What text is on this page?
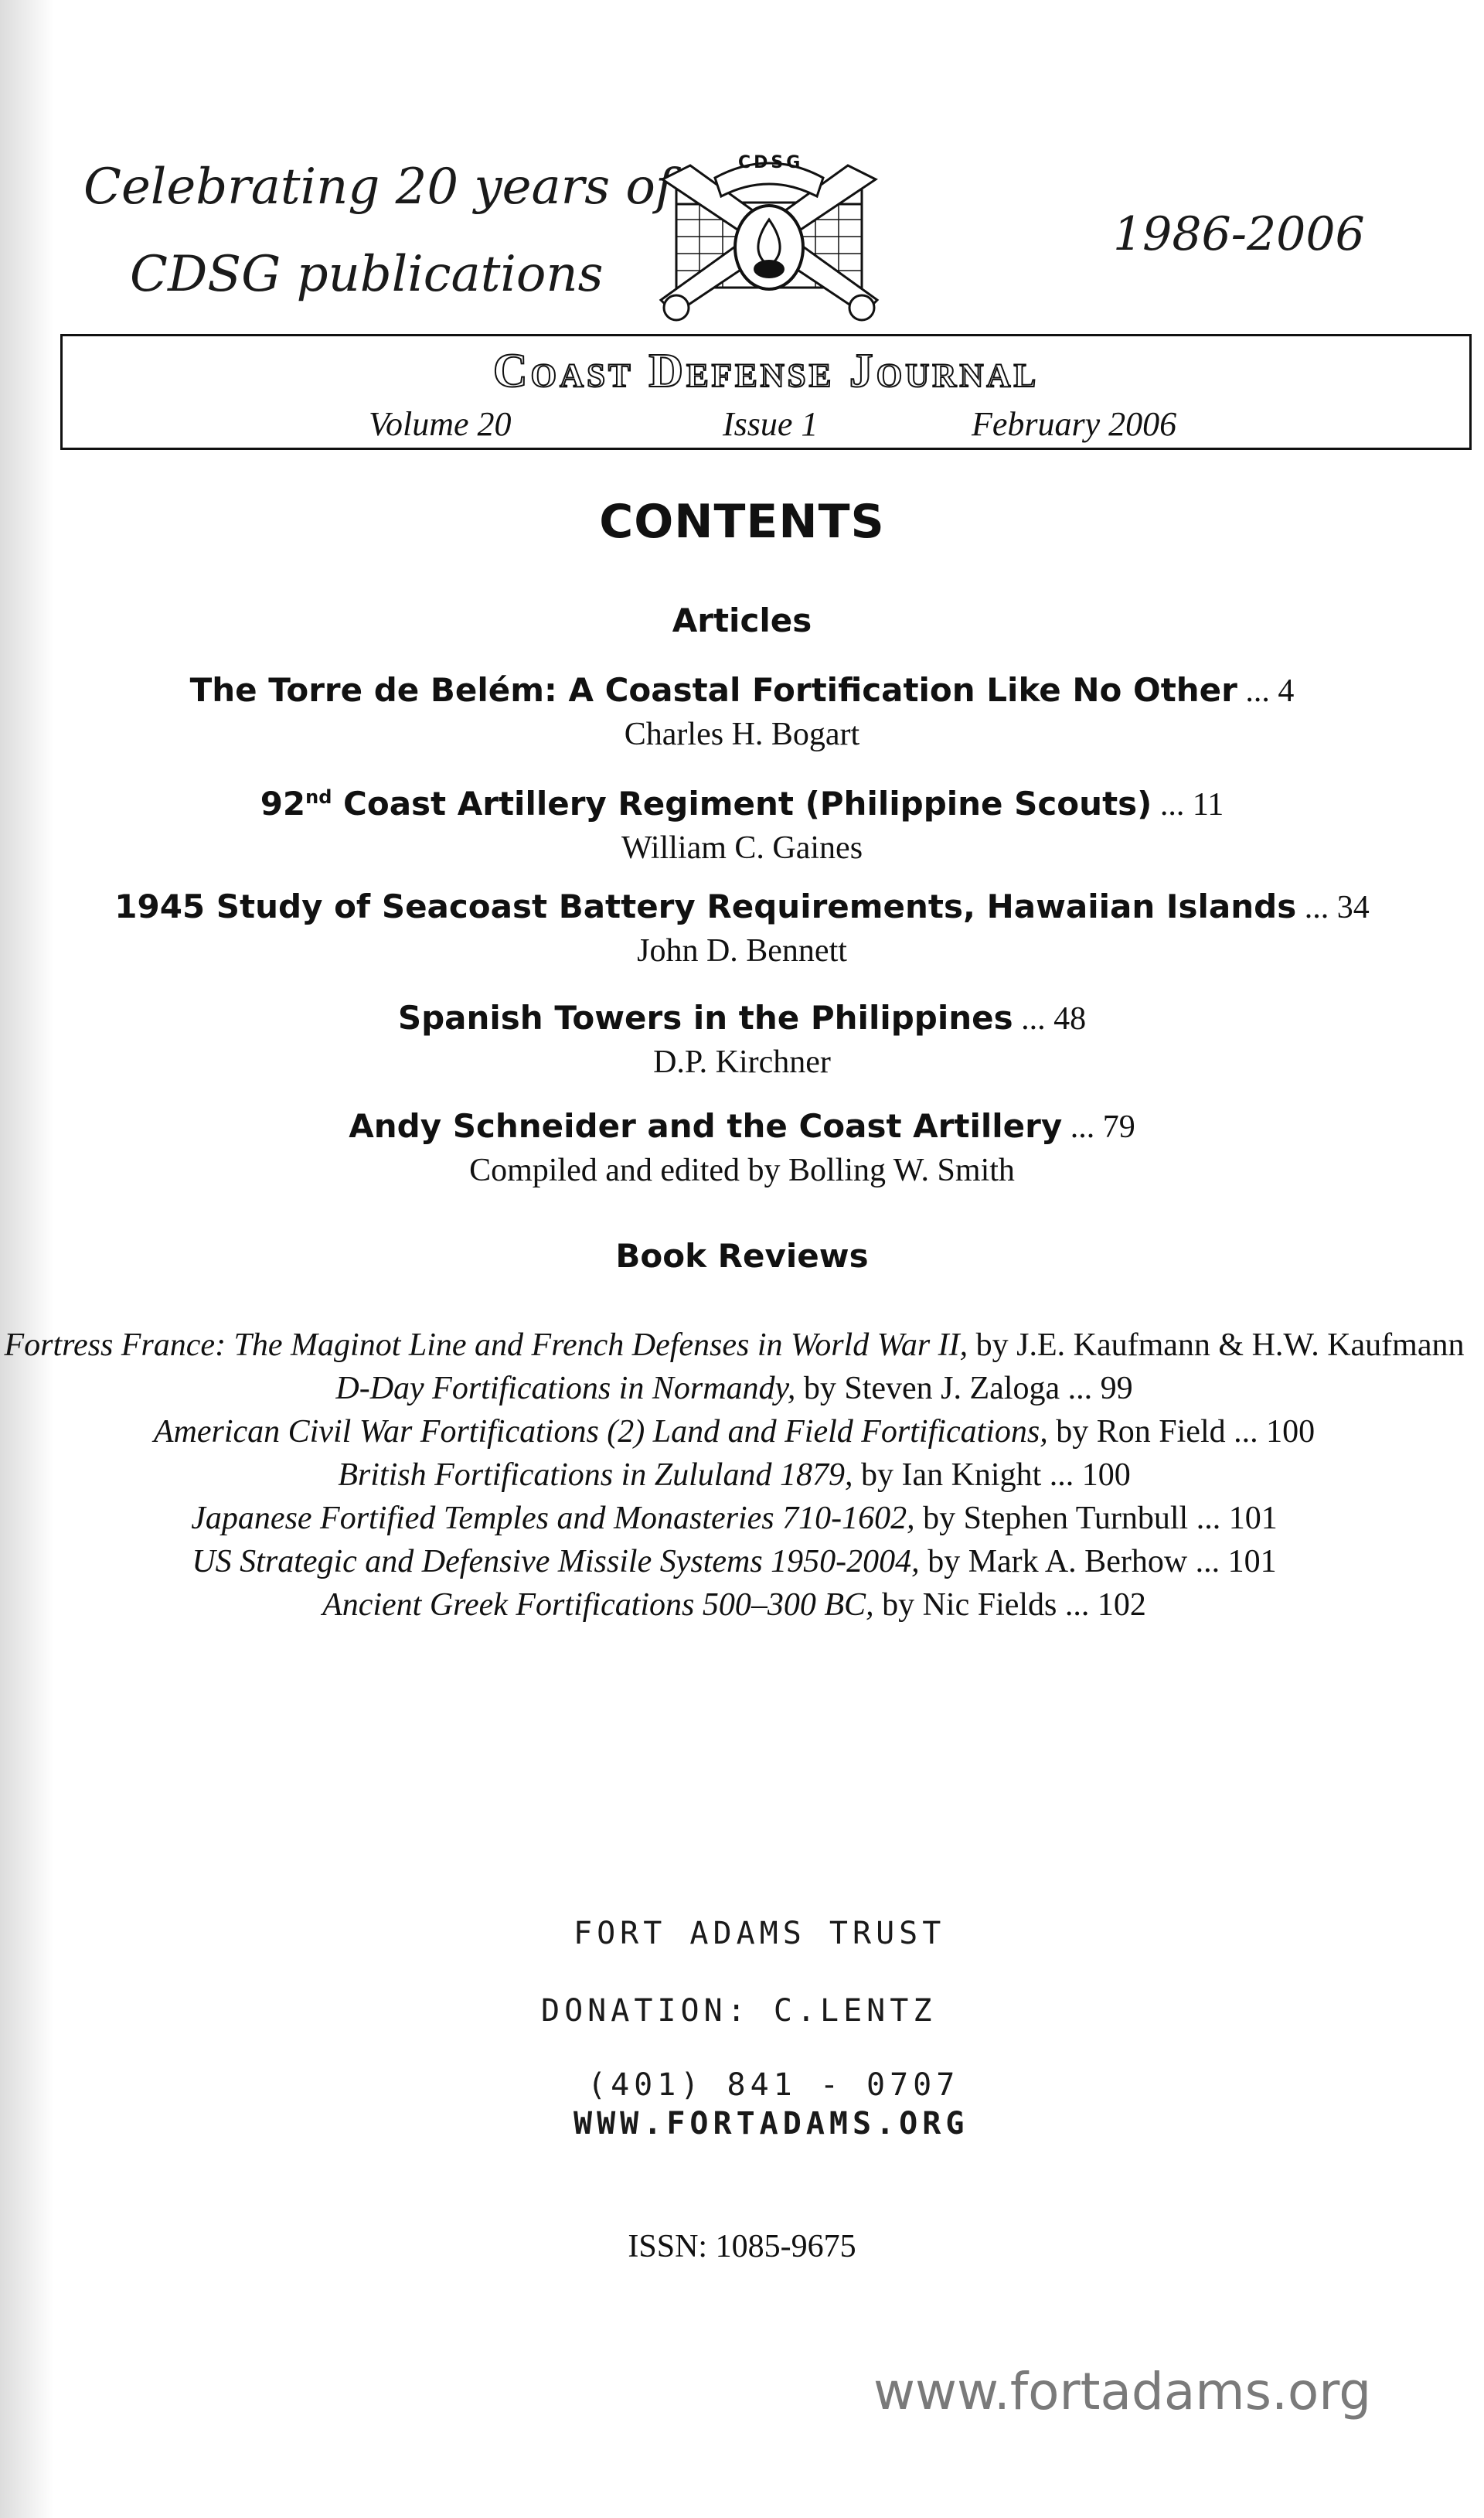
Celebrating 20 years of
CDSG publications
1986-2006
CDSG
Coast Defense Journal
Volume 20	Issue 1	February 2006
CONTENTS
Articles
The Torre de Belém: A Coastal Fortification Like No Other ... 4
Charles H. Bogart
92nd Coast Artillery Regiment (Philippine Scouts) ... 11
William C. Gaines
1945 Study of Seacoast Battery Requirements, Hawaiian Islands ... 34
John D. Bennett
Spanish Towers in the Philippines ... 48
D.P. Kirchner
Andy Schneider and the Coast Artillery ... 79
Compiled and edited by Bolling W. Smith
Book Reviews
Fortress France: The Maginot Line and French Defenses in World War II, by J.E. Kaufmann & H.W. Kaufmann
D-Day Fortifications in Normandy, by Steven J. Zaloga ... 99
American Civil War Fortifications (2) Land and Field Fortifications, by Ron Field ... 100
British Fortifications in Zululand 1879, by Ian Knight ... 100
Japanese Fortified Temples and Monasteries 710-1602, by Stephen Turnbull ... 101
US Strategic and Defensive Missile Systems 1950-2004, by Mark A. Berhow ... 101
Ancient Greek Fortifications 500–300 BC, by Nic Fields ... 102
FORT ADAMS TRUST
DONATION: C.LENTZ
(401) 841 - 0707
WWW.FORTADAMS.ORG
ISSN: 1085-9675
www.fortadams.org
